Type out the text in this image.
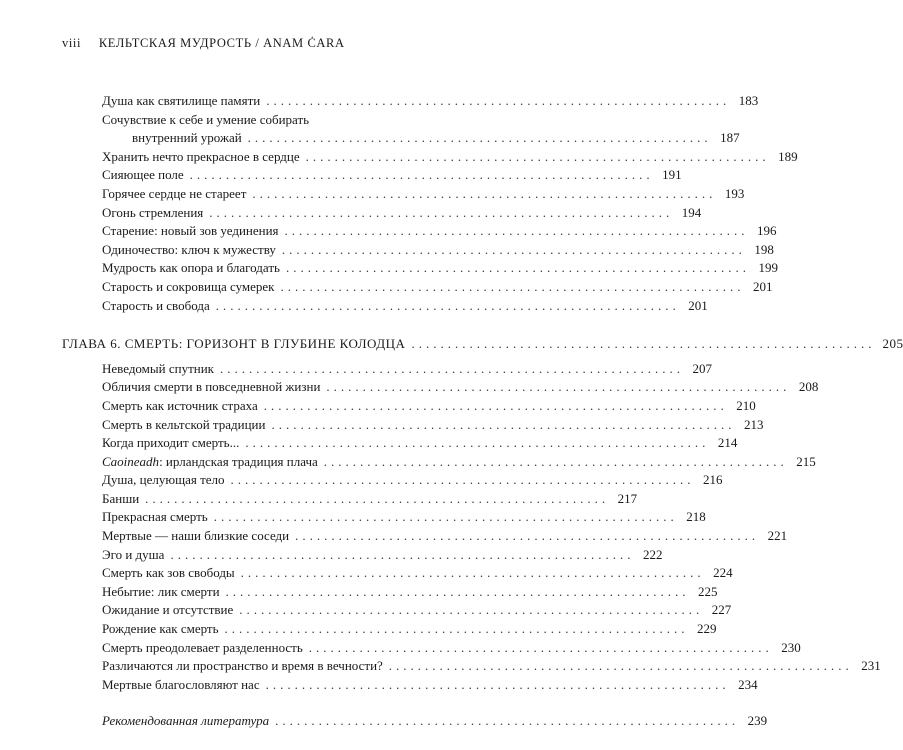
viii КЕЛЬТСКАЯ МУДРОСТЬ / ANAM ĊARA
Душа как святилище памяти ................................................................ 183
Сочувствие к себе и умение собирать
внутренний урожай ................................................................ 187
Хранить нечто прекрасное в сердце ................................................................ 189
Сияющее поле ................................................................ 191
Горячее сердце не стареет ................................................................ 193
Огонь стремления ................................................................ 194
Старение: новый зов уединения ................................................................ 196
Одиночество: ключ к мужеству ................................................................ 198
Мудрость как опора и благодать ................................................................ 199
Старость и сокровища сумерек ................................................................ 201
Старость и свобода ................................................................ 201
ГЛАВА 6. СМЕРТЬ: ГОРИЗОНТ В ГЛУБИНЕ КОЛОДЦА ................................................................ 205
Неведомый спутник ................................................................ 207
Обличия смерти в повседневной жизни ................................................................ 208
Смерть как источник страха ................................................................ 210
Смерть в кельтской традиции ................................................................ 213
Когда приходит смерть... ................................................................ 214
Caoineadh: ирландская традиция плача ................................................................ 215
Душа, целующая тело ................................................................ 216
Банши ................................................................ 217
Прекрасная смерть ................................................................ 218
Мертвые — наши близкие соседи ................................................................ 221
Эго и душа ................................................................ 222
Смерть как зов свободы ................................................................ 224
Небытие: лик смерти ................................................................ 225
Ожидание и отсутствие ................................................................ 227
Рождение как смерть ................................................................ 229
Смерть преодолевает разделенность ................................................................ 230
Различаются ли пространство и время в вечности? ................................................................ 231
Мертвые благословляют нас ................................................................ 234
Рекомендованная литература ................................................................ 239
